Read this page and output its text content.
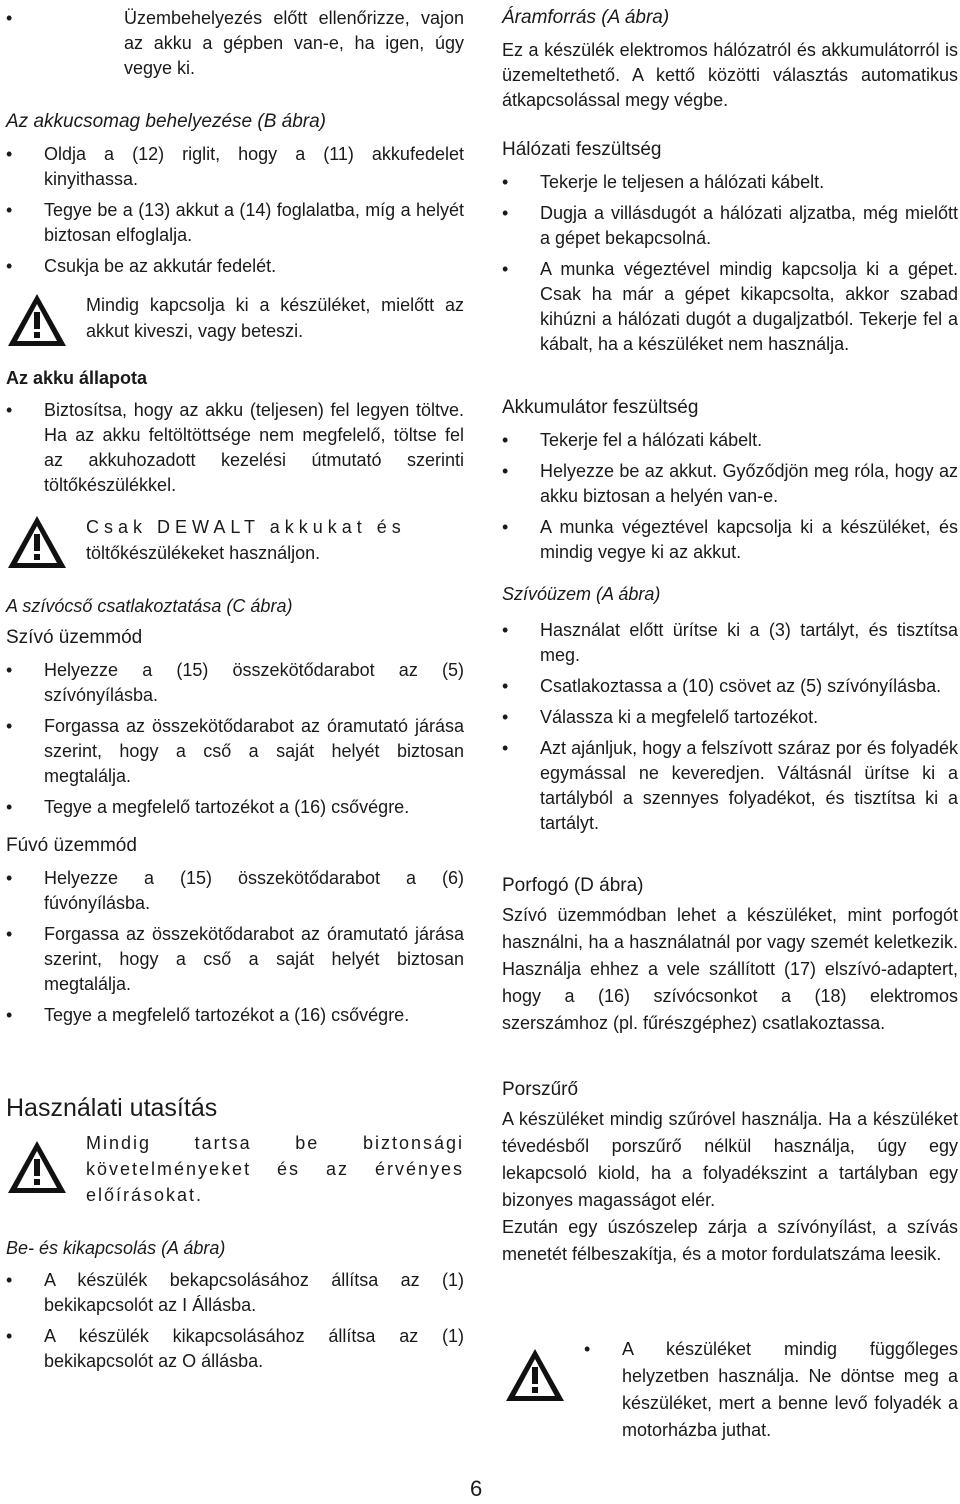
• Üzembehelyezés előtt ellenőrizze, vajon az akku a gépben van-e, ha igen, úgy vegye ki.

Az akkucsomag behelyezése (B ábra)

• Oldja a (12) riglit, hogy a (11) akkufedelet kinyithassa.

• Tegye be a (13) akkut a (14) foglalatba, míg a helyét biztosan elfoglalja.

• Csukja be az akkutár fedelét.

Mindig kapcsolja ki a készüléket, mielőtt az akkut kiveszi, vagy beteszi.

Az akku állapota

• Biztosítsa, hogy az akku (teljesen) fel legyen töltve. Ha az akku feltöltöttsége nem megfelelő, töltse fel az akkuhozadott kezelési útmutató szerinti töltőkészülékkel.

Csak DEWALT akkukat és
töltőkészülékeket használjon.

A szívócső csatlakoztatása (C ábra)

Szívó üzemmód

• Helyezze a (15) összekötődarabot az (5) szívónyílásba.

• Forgassa az összekötődarabot az óramutató járása szerint, hogy a cső a saját helyét biztosan megtalálja.

• Tegye a megfelelő tartozékot a (16) csővégre.

Fúvó üzemmód

• Helyezze a (15) összekötődarabot a (6) fúvónyílásba.

• Forgassa az összekötődarabot az óramutató járása szerint, hogy a cső a saját helyét biztosan megtalálja.

• Tegye a megfelelő tartozékot a (16) csővégre.

Használati utasítás

Mindig tartsa be biztonsági követelményeket és az érvényes előírásokat.

Be- és kikapcsolás (A ábra)

• A készülék bekapcsolásához állítsa az (1) bekikapcsolót az I Állásba.

• A készülék kikapcsolásához állítsa az (1) bekikapcsolót az O állásba.

Áramforrás (A ábra)

Ez a készülék elektromos hálózatról és akkumulátorról is üzemeltethető. A kettő közötti választás automatikus átkapcsolással megy végbe.

Hálózati feszültség

• Tekerje le teljesen a hálózati kábelt.

• Dugja a villásdugót a hálózati aljzatba, még mielőtt a gépet bekapcsolná.

• A munka végeztével mindig kapcsolja ki a gépet. Csak ha már a gépet kikapcsolta, akkor szabad kihúzni a hálózati dugót a dugaljzatból. Tekerje fel a kábalt, ha a készüléket nem használja.

Akkumulátor feszültség

• Tekerje fel a hálózati kábelt.

• Helyezze be az akkut. Győződjön meg róla, hogy az akku biztosan a helyén van-e.

• A munka végeztével kapcsolja ki a készüléket, és mindig vegye ki az akkut.

Szívóüzem (A ábra)

• Használat előtt ürítse ki a (3) tartályt, és tisztítsa meg.

• Csatlakoztassa a (10) csövet az (5) szívónyílásba.

• Válassza ki a megfelelő tartozékot.

• Azt ajánljuk, hogy a felszívott száraz por és folyadék egymással ne keveredjen. Váltásnál ürítse ki a tartályból a szennyes folyadékot, és tisztítsa ki a tartályt.

Porfogó (D ábra)

Szívó üzemmódban lehet a készüléket, mint porfogót használni, ha a használatnál por vagy szemét keletkezik. Használja ehhez a vele szállított (17) elszívó-adaptert, hogy a (16) szívócsonkot a (18) elektromos szerszámhoz (pl. fűrészgéphez) csatlakoztassa.

Porszűrő

A készüléket mindig szűróvel használja. Ha a készüléket tévedésből porszűrő nélkül használja, úgy egy lekapcsoló kiold, ha a folyadékszint a tartályban egy bizonyes magasságot elér.

Ezután egy úszószelep zárja a szívónyílást, a szívás menetét félbeszakítja, és a motor fordulatszáma leesik.

• A készüléket mindig függőleges helyzetben használja. Ne döntse meg a készüléket, mert a benne levő folyadék a motorházba juthat.

6
